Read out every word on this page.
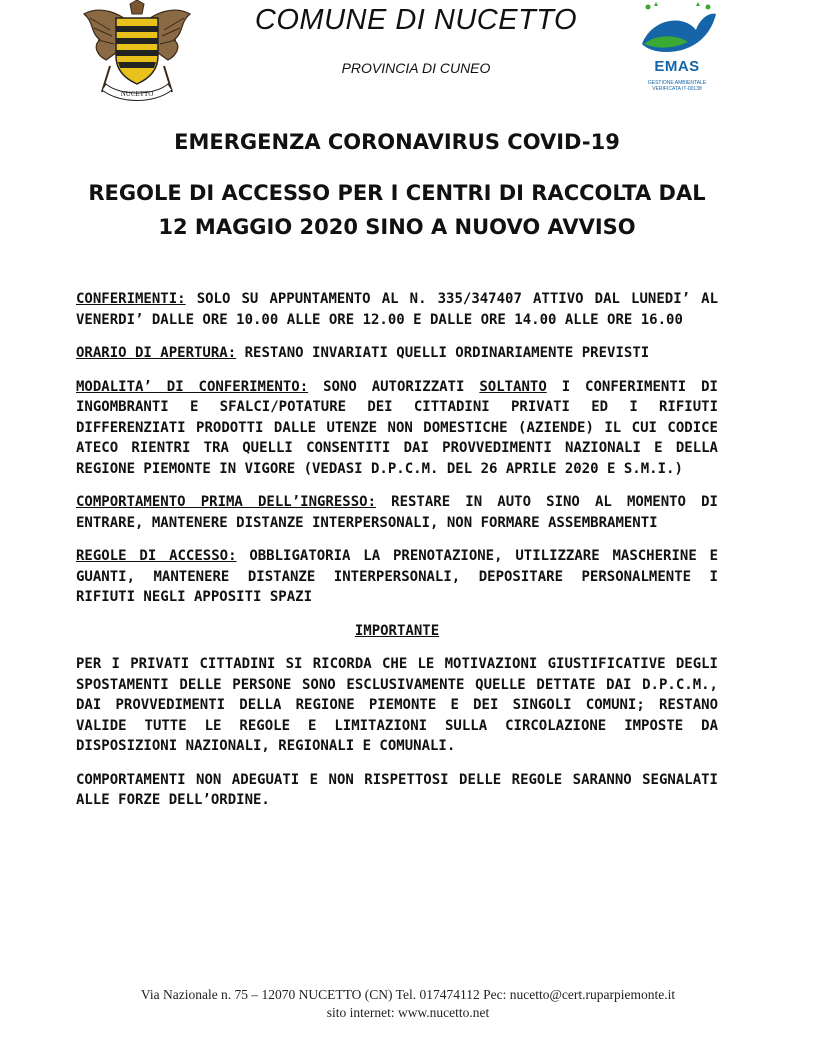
NUCETTO
COMUNE DI NUCETTO
PROVINCIA DI CUNEO	EMAS
GESTIONE AMBIENTALE VERIFICATA IT-00138
EMERGENZA CORONAVIRUS COVID-19
REGOLE DI ACCESSO PER I CENTRI DI RACCOLTA DAL 12 MAGGIO 2020 SINO A NUOVO AVVISO

CONFERIMENTI: SOLO SU APPUNTAMENTO AL N. 335/347407 ATTIVO DAL LUNEDI’ AL VENERDI’ DALLE ORE 10.00 ALLE ORE 12.00 E DALLE ORE 14.00 ALLE ORE 16.00

ORARIO DI APERTURA: RESTANO INVARIATI QUELLI ORDINARIAMENTE PREVISTI

MODALITA’ DI CONFERIMENTO: SONO AUTORIZZATI SOLTANTO I CONFERIMENTI DI INGOMBRANTI E SFALCI/POTATURE DEI CITTADINI PRIVATI ED I RIFIUTI DIFFERENZIATI PRODOTTI DALLE UTENZE NON DOMESTICHE (AZIENDE) IL CUI CODICE ATECO RIENTRI TRA QUELLI CONSENTITI DAI PROVVEDIMENTI NAZIONALI E DELLA REGIONE PIEMONTE IN VIGORE (VEDASI D.P.C.M. DEL 26 APRILE 2020 E S.M.I.)

COMPORTAMENTO PRIMA DELL’INGRESSO: RESTARE IN AUTO SINO AL MOMENTO DI ENTRARE, MANTENERE DISTANZE INTERPERSONALI, NON FORMARE ASSEMBRAMENTI

REGOLE DI ACCESSO: OBBLIGATORIA LA PRENOTAZIONE, UTILIZZARE MASCHERINE E GUANTI, MANTENERE DISTANZE INTERPERSONALI, DEPOSITARE PERSONALMENTE I RIFIUTI NEGLI APPOSITI SPAZI

IMPORTANTE

PER I PRIVATI CITTADINI SI RICORDA CHE LE MOTIVAZIONI GIUSTIFICATIVE DEGLI SPOSTAMENTI DELLE PERSONE SONO ESCLUSIVAMENTE QUELLE DETTATE DAI D.P.C.M., DAI PROVVEDIMENTI DELLA REGIONE PIEMONTE E DEI SINGOLI COMUNI; RESTANO VALIDE TUTTE LE REGOLE E LIMITAZIONI SULLA CIRCOLAZIONE IMPOSTE DA DISPOSIZIONI NAZIONALI, REGIONALI E COMUNALI.

COMPORTAMENTI NON ADEGUATI E NON RISPETTOSI DELLE REGOLE SARANNO SEGNALATI ALLE FORZE DELL’ORDINE.

Via Nazionale n. 75 – 12070 NUCETTO (CN) Tel. 017474112 Pec: nucetto@cert.ruparpiemonte.it
sito internet: www.nucetto.net
